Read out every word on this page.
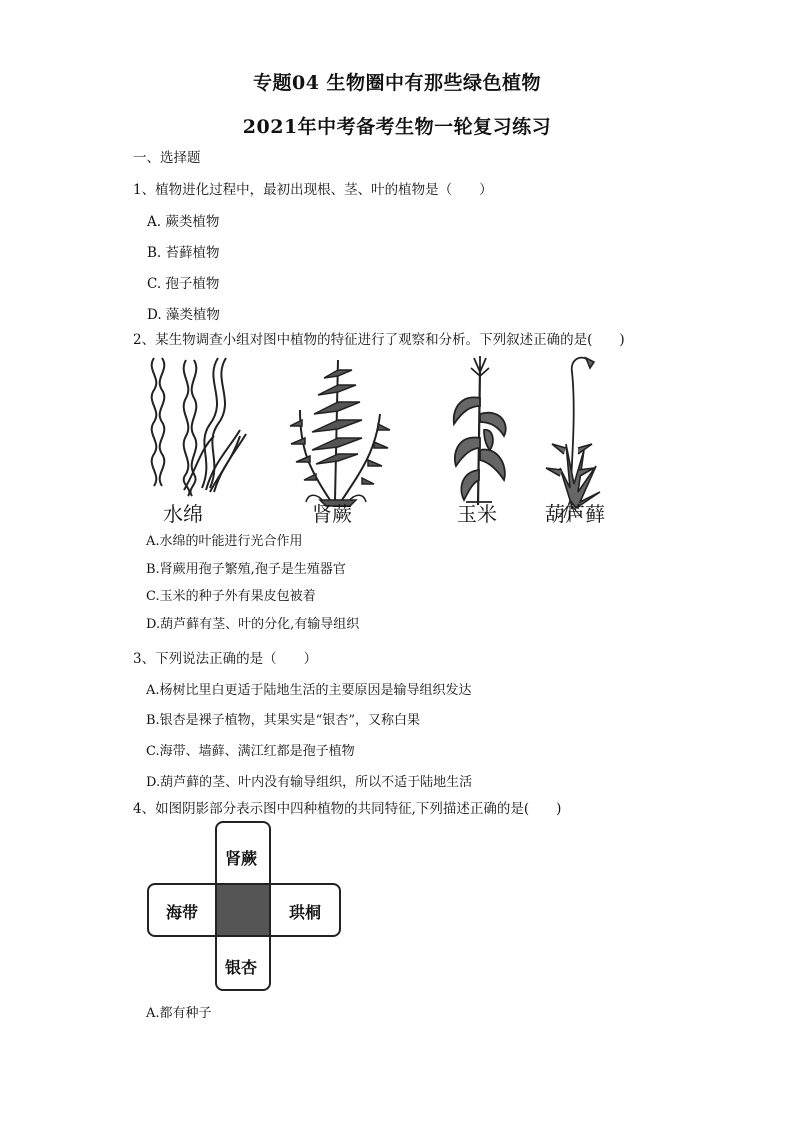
专题04 生物圈中有那些绿色植物
2021年中考备考生物一轮复习练习
一、选择题
1、植物进化过程中，最初出现根、茎、叶的植物是（　　）
A. 蕨类植物
B. 苔藓植物
C. 孢子植物
D. 藻类植物
2、某生物调查小组对图中植物的特征进行了观察和分析。下列叙述正确的是(　　)
水绵	肾蕨	玉米 葫芦藓
A.水绵的叶能进行光合作用
B.肾蕨用孢子繁殖,孢子是生殖器官
C.玉米的种子外有果皮包被着
D.葫芦藓有茎、叶的分化,有输导组织
3、下列说法正确的是（　　）
A.杨树比里白更适于陆地生活的主要原因是输导组织发达
B.银杏是裸子植物，其果实是“银杏”，又称白果
C.海带、墙藓、满江红都是孢子植物
D.葫芦藓的茎、叶内没有输导组织，所以不适于陆地生活
4、如图阴影部分表示图中四种植物的共同特征,下列描述正确的是(　　)
肾蕨
海带	珙桐
银杏
A.都有种子
